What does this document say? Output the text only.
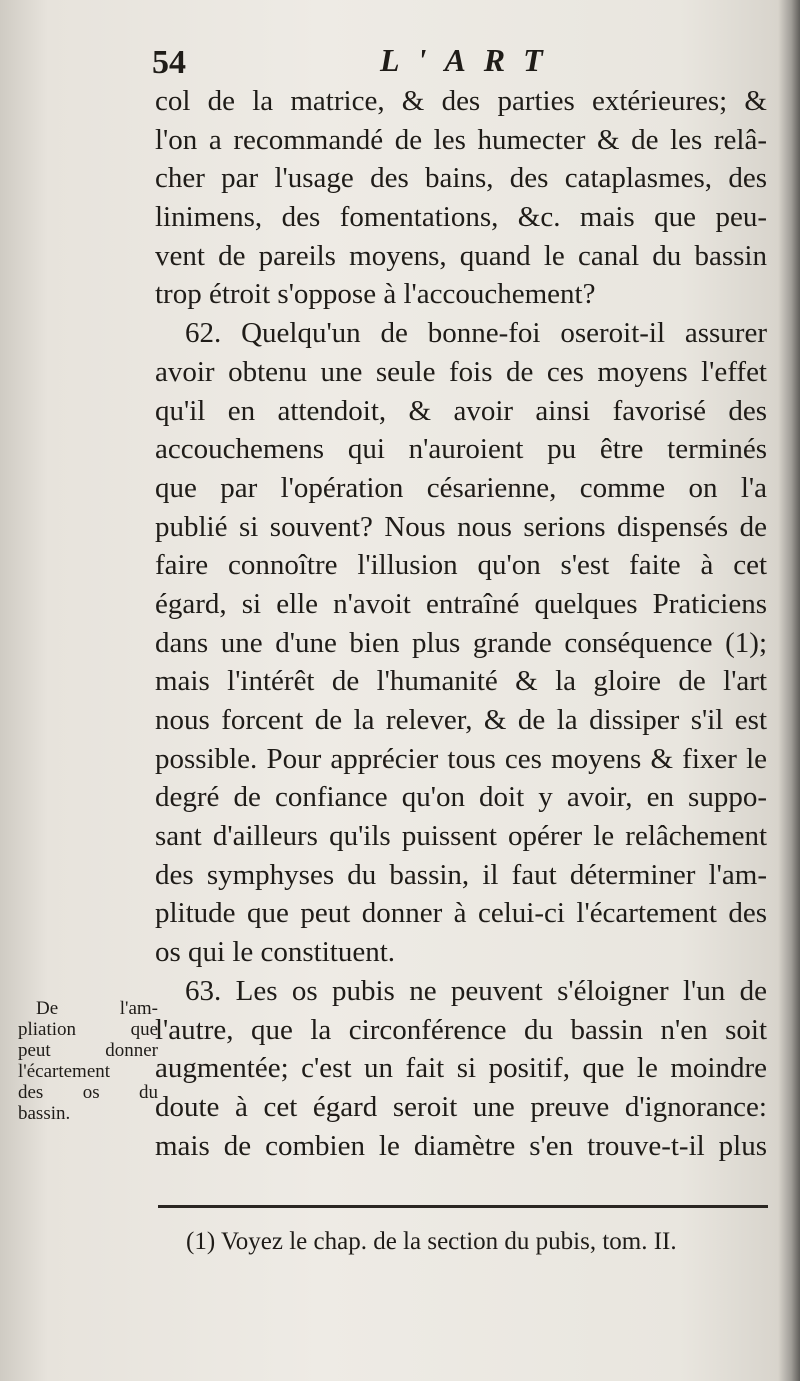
54	L'ART
col de la matrice, & des parties extérieures; &
l'on a recommandé de les humecter & de les relâ-
cher par l'usage des bains, des cataplasmes, des
linimens, des fomentations, &c. mais que peu-
vent de pareils moyens, quand le canal du bassin
trop étroit s'oppose à l'accouchement?
62. Quelqu'un de bonne-foi oseroit-il assurer
avoir obtenu une seule fois de ces moyens l'effet
qu'il en attendoit, & avoir ainsi favorisé des
accouchemens qui n'auroient pu être terminés
que par l'opération césarienne, comme on l'a
publié si souvent? Nous nous serions dispensés de
faire connoître l'illusion qu'on s'est faite à cet
égard, si elle n'avoit entraîné quelques Praticiens
dans une d'une bien plus grande conséquence (1);
mais l'intérêt de l'humanité & la gloire de l'art
nous forcent de la relever, & de la dissiper s'il est
possible. Pour apprécier tous ces moyens & fixer le
degré de confiance qu'on doit y avoir, en suppo-
sant d'ailleurs qu'ils puissent opérer le relâchement
des symphyses du bassin, il faut déterminer l'am-
plitude que peut donner à celui-ci l'écartement des
os qui le constituent.
63. Les os pubis ne peuvent s'éloigner l'un de
l'autre, que la circonférence du bassin n'en soit
augmentée; c'est un fait si positif, que le moindre
doute à cet égard seroit une preuve d'ignorance:
mais de combien le diamètre s'en trouve-t-il plus
De l'am-
pliation que
peut donner
l'écartement
des os du
bassin.
(1) Voyez le chap. de la section du pubis, tom. II.
